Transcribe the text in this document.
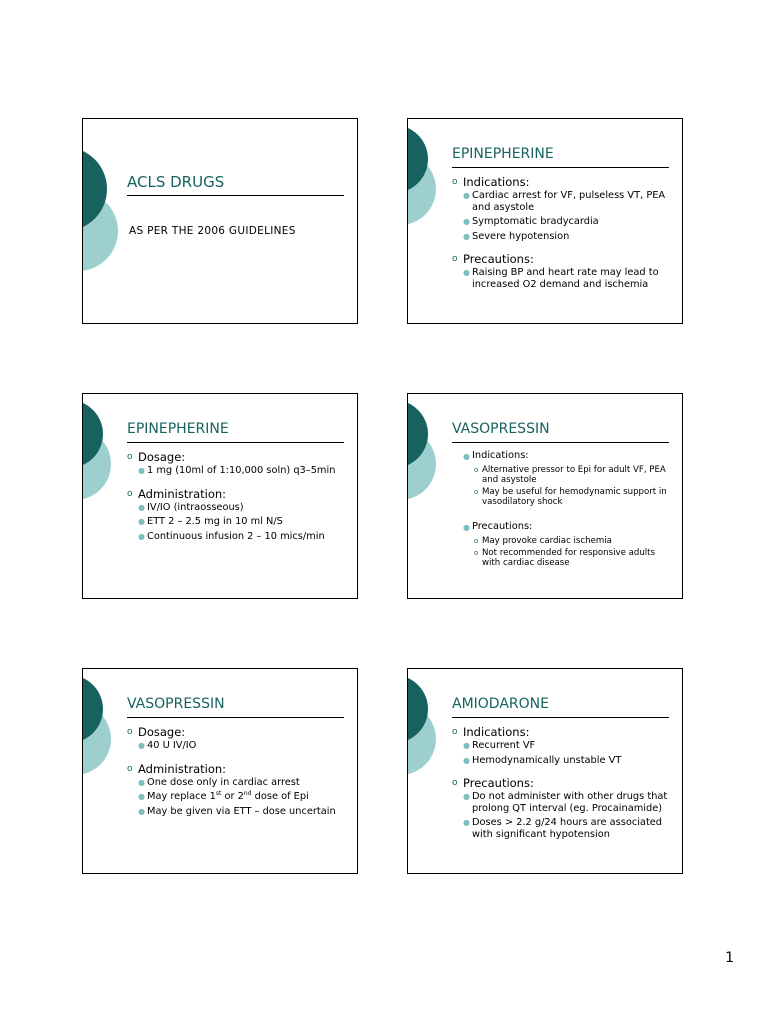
ACLS DRUGS
AS PER THE 2006 GUIDELINES
EPINEPHERINE
o Indications:
● Cardiac arrest for VF, pulseless VT, PEA and asystole
● Symptomatic bradycardia
● Severe hypotension
o Precautions:
● Raising BP and heart rate may lead to increased O2 demand and ischemia
EPINEPHERINE
o Dosage:
● 1 mg (10ml of 1:10,000 soln) q3–5min
o Administration:
● IV/IO (intraosseous)
● ETT 2 – 2.5 mg in 10 ml N/S
● Continuous infusion 2 – 10 mics/min
VASOPRESSIN
● Indications:
o Alternative pressor to Epi for adult VF, PEA and asystole
o May be useful for hemodynamic support in vasodilatory shock
● Precautions:
o May provoke cardiac ischemia
o Not recommended for responsive adults with cardiac disease
VASOPRESSIN
o Dosage:
● 40 U IV/IO
o Administration:
● One dose only in cardiac arrest
● May replace 1st or 2nd dose of Epi
● May be given via ETT – dose uncertain
AMIODARONE
o Indications:
● Recurrent VF
● Hemodynamically unstable VT
o Precautions:
● Do not administer with other drugs that prolong QT interval (eg. Procainamide)
● Doses > 2.2 g/24 hours are associated with significant hypotension
1
